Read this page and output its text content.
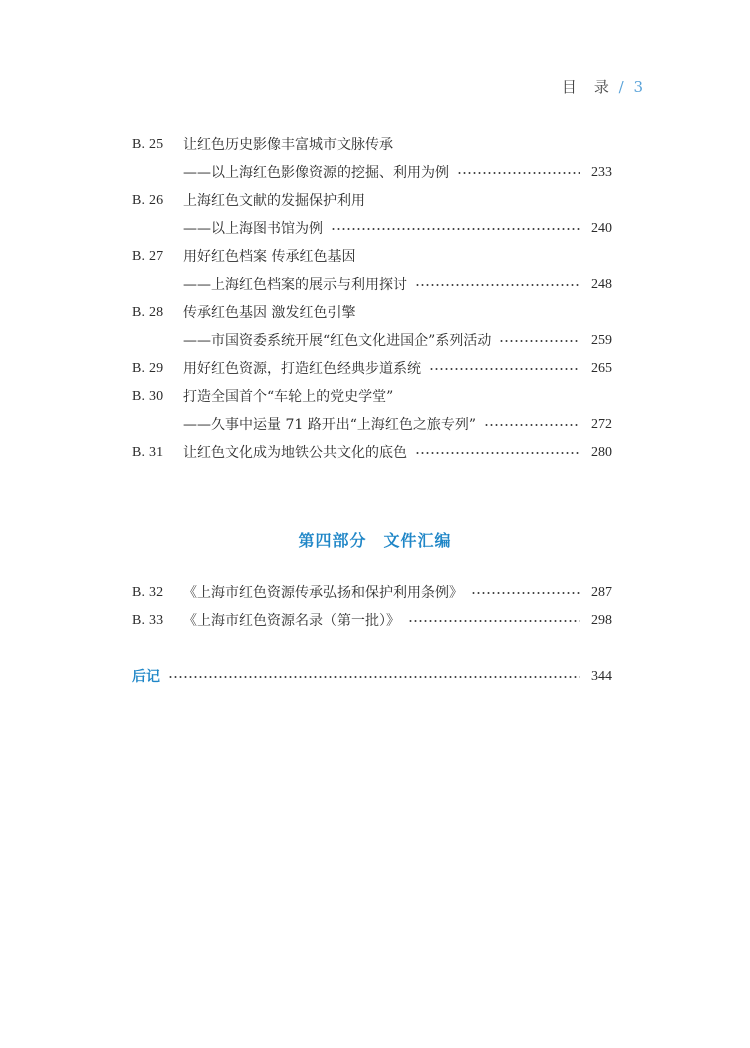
目　录 / 3
B. 25	让红色历史影像丰富城市文脉传承
——以上海红色影像资源的挖掘、利用为例	233
B. 26	上海红色文献的发掘保护利用
——以上海图书馆为例	240
B. 27	用好红色档案 传承红色基因
——上海红色档案的展示与利用探讨	248
B. 28	传承红色基因 激发红色引擎
——市国资委系统开展“红色文化进国企”系列活动	259
B. 29	用好红色资源，打造红色经典步道系统	265
B. 30	打造全国首个“车轮上的党史学堂”
——久事中运量 71 路开出“上海红色之旅专列”	272
B. 31	让红色文化成为地铁公共文化的底色	280
第四部分　文件汇编
B. 32	《上海市红色资源传承弘扬和保护利用条例》	287
B. 33	《上海市红色资源名录（第一批）》	298
后记	344
